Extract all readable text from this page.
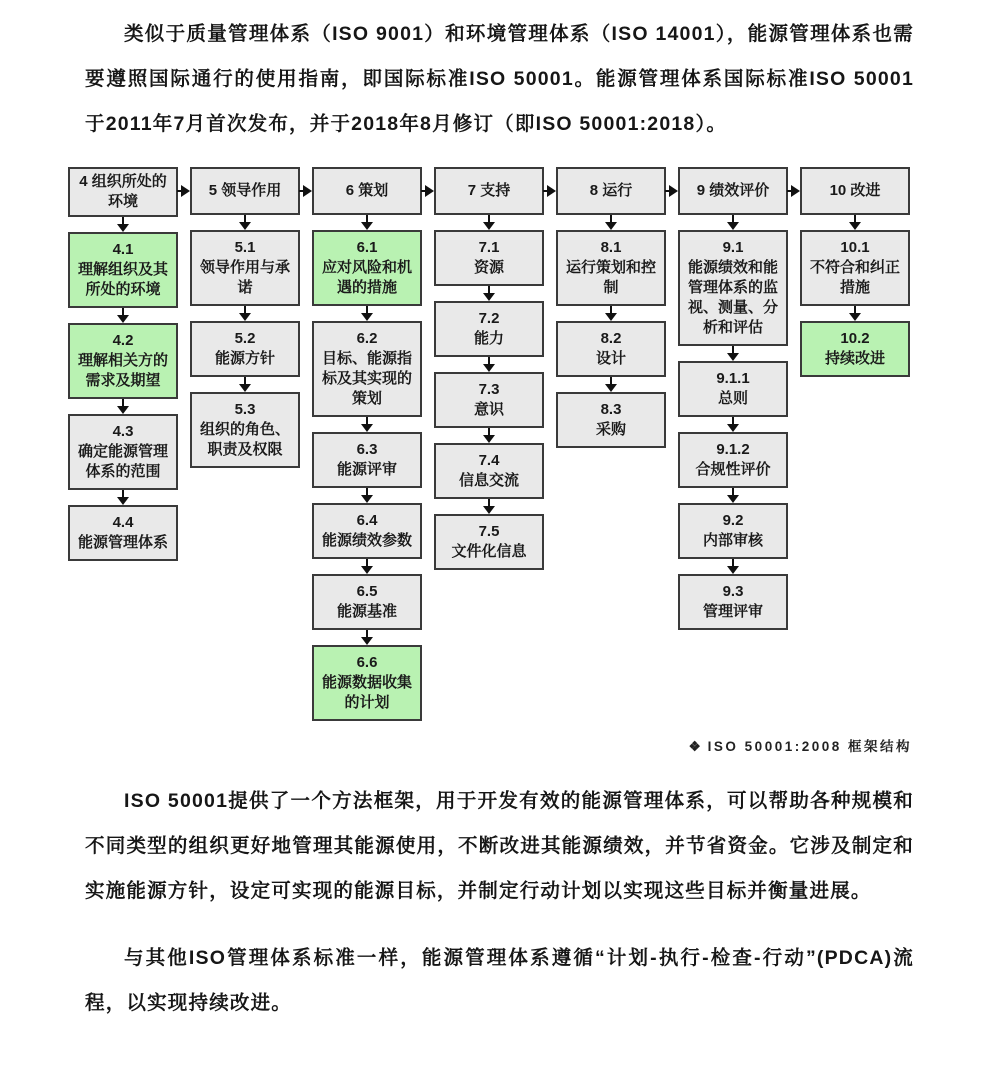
类似于质量管理体系（ISO 9001）和环境管理体系（ISO 14001），能源管理体系也需要遵照国际通行的使用指南，即国际标准ISO 50001。能源管理体系国际标准ISO 50001于2011年7月首次发布，并于2018年8月修订（即ISO 50001:2018）。

4 组织所处的环境
4.1
理解组织及其所处的环境
4.2
理解相关方的需求及期望
4.3
确定能源管理体系的范围
4.4
能源管理体系
5 领导作用
5.1
领导作用与承诺
5.2
能源方针
5.3
组织的角色、职责及权限
6 策划
6.1
应对风险和机遇的措施
6.2
目标、能源指标及其实现的策划
6.3
能源评审
6.4
能源绩效参数
6.5
能源基准
6.6
能源数据收集的计划
7 支持
7.1
资源
7.2
能力
7.3
意识
7.4
信息交流
7.5
文件化信息
8 运行
8.1
运行策划和控制
8.2
设计
8.3
采购
9 绩效评价
9.1
能源绩效和能管理体系的监视、测量、分析和评估
9.1.1
总则
9.1.2
合规性评价
9.2
内部审核
9.3
管理评审
10 改进
10.1
不符合和纠正措施
10.2
持续改进
❖ ISO 50001:2008 框架结构

ISO 50001提供了一个方法框架，用于开发有效的能源管理体系，可以帮助各种规模和不同类型的组织更好地管理其能源使用，不断改进其能源绩效，并节省资金。它涉及制定和实施能源方针，设定可实现的能源目标，并制定行动计划以实现这些目标并衡量进展。

与其他ISO管理体系标准一样，能源管理体系遵循“计划-执行-检查-行动”(PDCA)流程，以实现持续改进。
